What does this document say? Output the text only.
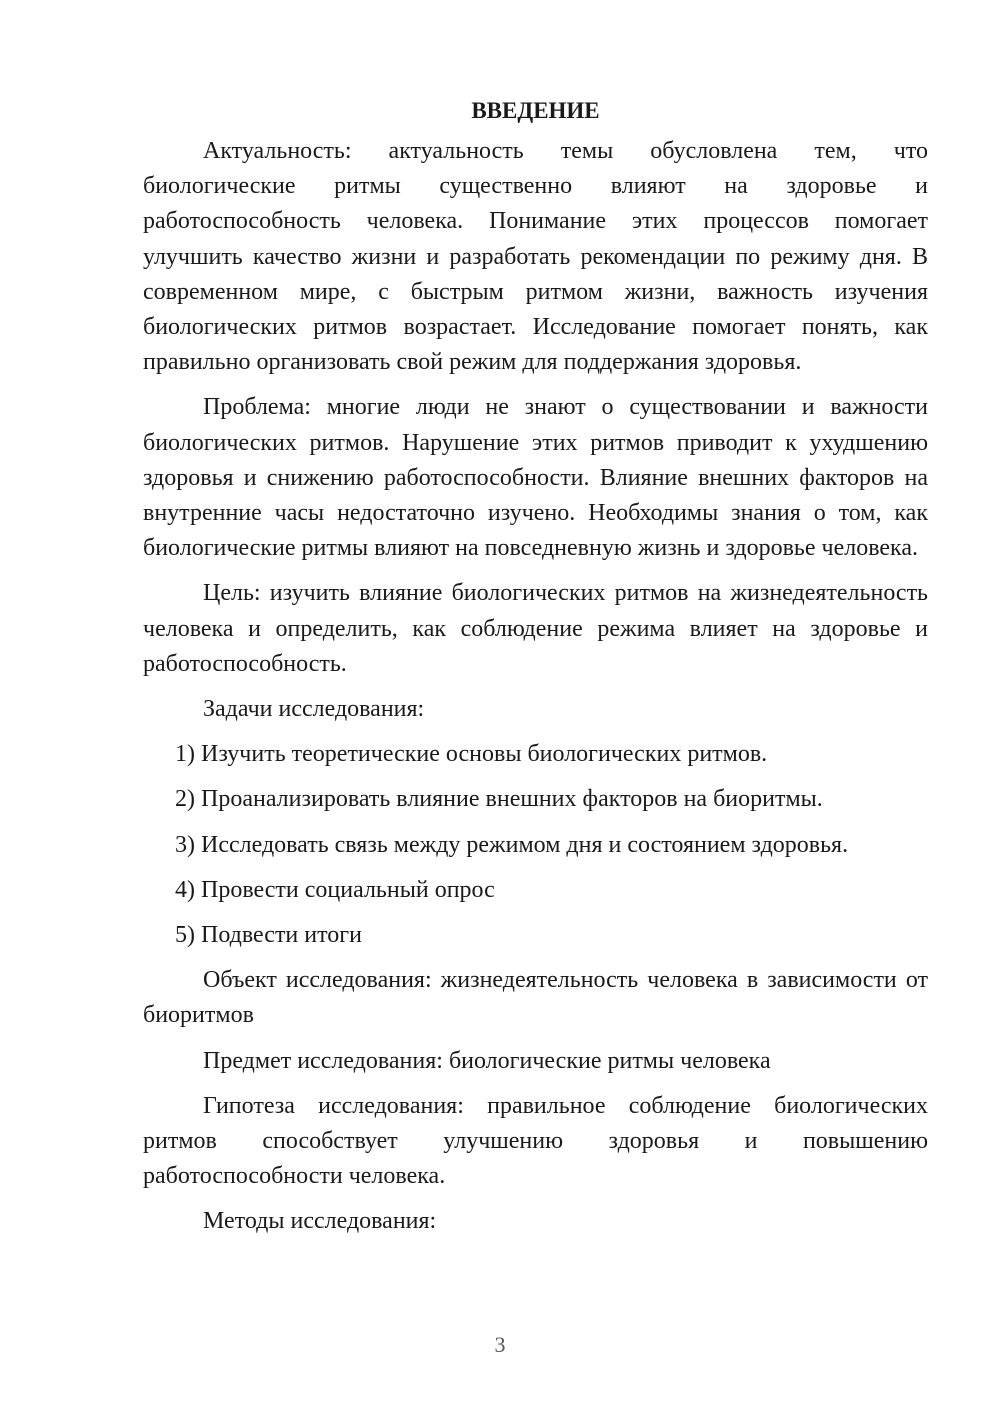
ВВЕДЕНИЕ

Актуальность: актуальность темы обусловлена тем, что биологические ритмы существенно влияют на здоровье и работоспособность человека. Понимание этих процессов помогает улучшить качество жизни и разработать рекомендации по режиму дня. В современном мире, с быстрым ритмом жизни, важность изучения биологических ритмов возрастает. Исследование помогает понять, как правильно организовать свой режим для поддержания здоровья.

Проблема: многие люди не знают о существовании и важности биологических ритмов. Нарушение этих ритмов приводит к ухудшению здоровья и снижению работоспособности. Влияние внешних факторов на внутренние часы недостаточно изучено. Необходимы знания о том, как биологические ритмы влияют на повседневную жизнь и здоровье человека.

Цель: изучить влияние биологических ритмов на жизнедеятельность человека и определить, как соблюдение режима влияет на здоровье и работоспособность.

Задачи исследования:
1) Изучить теоретические основы биологических ритмов.
2) Проанализировать влияние внешних факторов на биоритмы.
3) Исследовать связь между режимом дня и состоянием здоровья.
4) Провести социальный опрос
5) Подвести итоги

Объект исследования: жизнедеятельность человека в зависимости от биоритмов

Предмет исследования: биологические ритмы человека

Гипотеза исследования: правильное соблюдение биологических ритмов способствует улучшению здоровья и повышению работоспособности человека.

Методы исследования:
3
